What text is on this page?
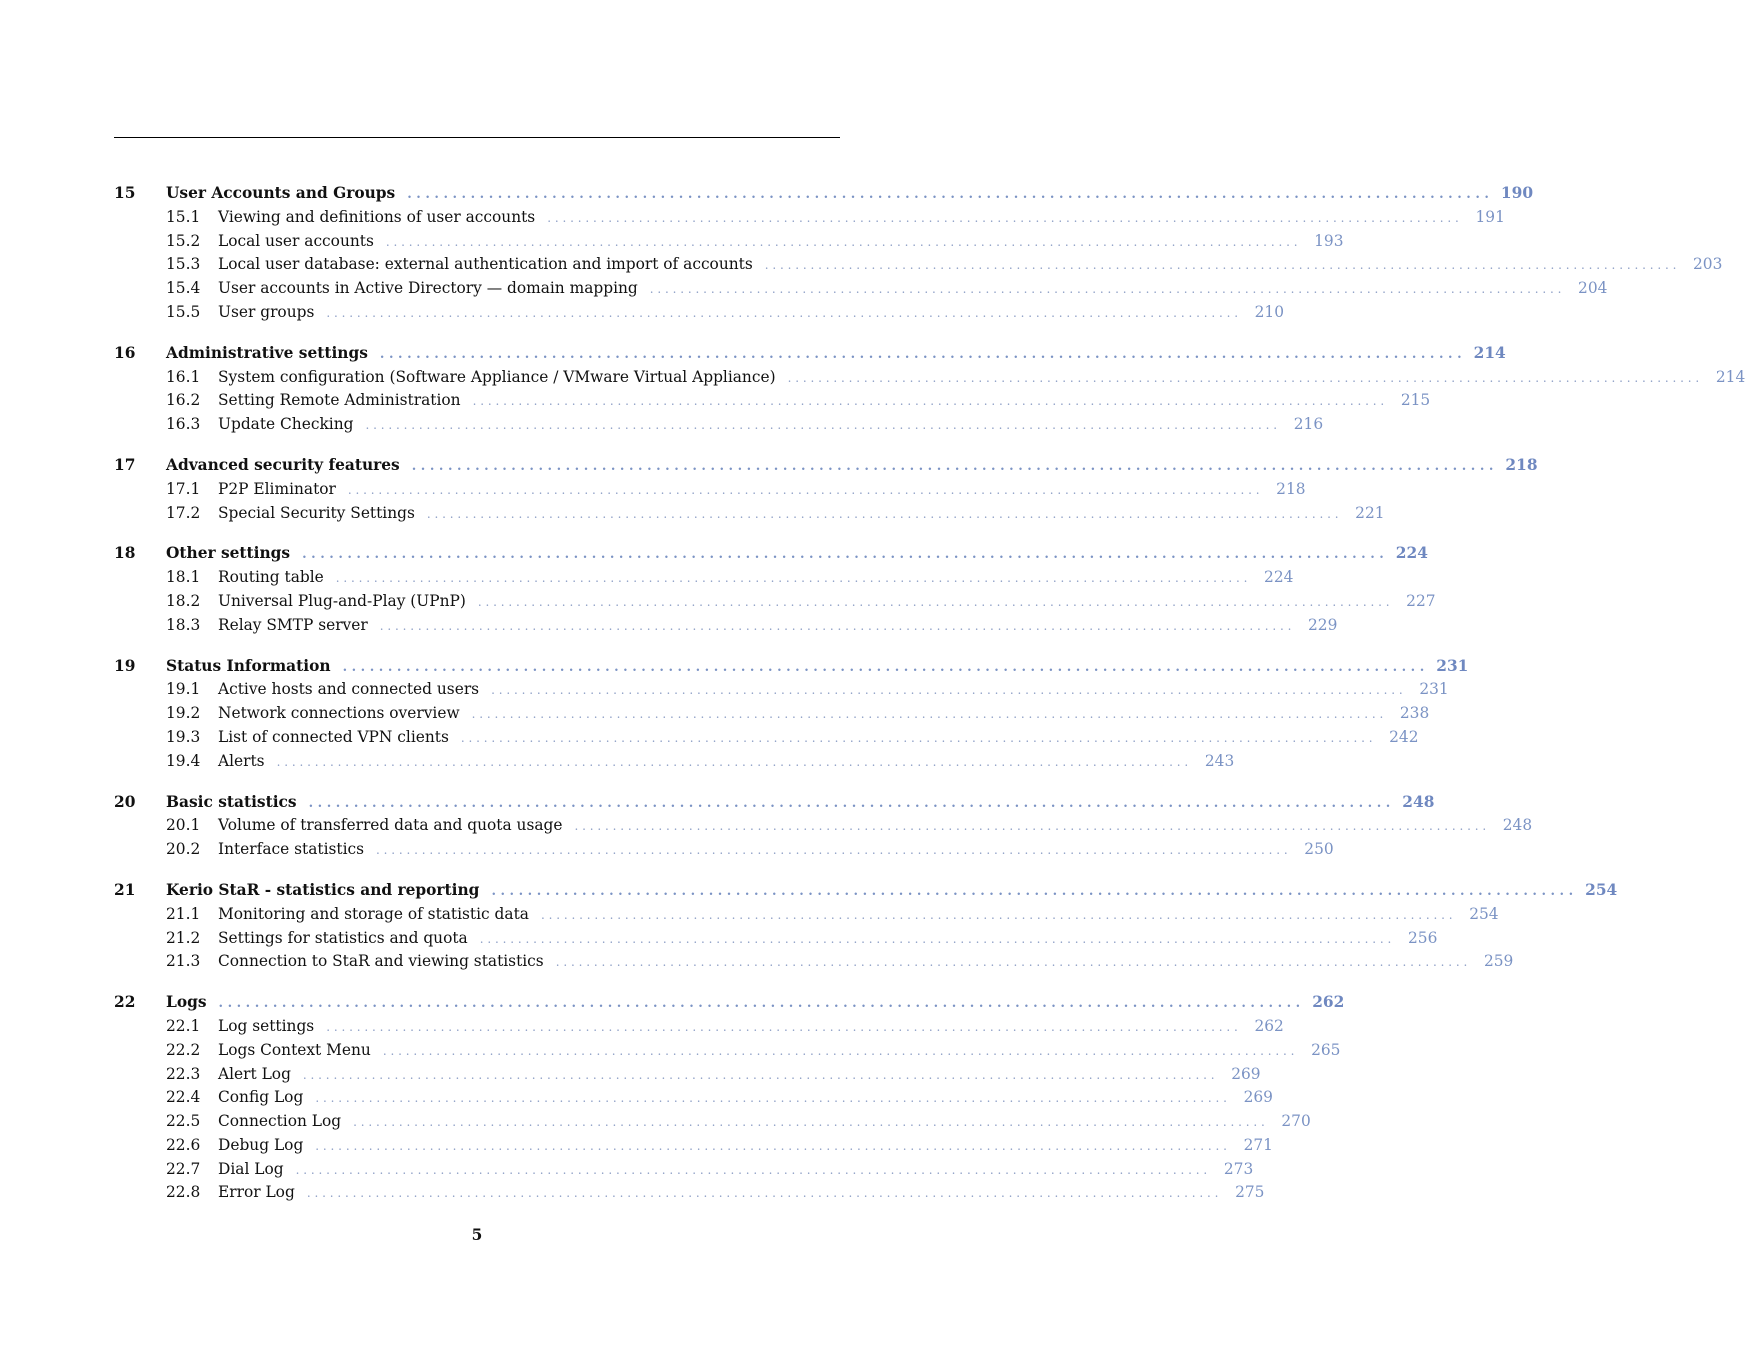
15 User Accounts and Groups . . . . . . . . . . . . . . . . . . . . . . . . . . . . . . . . . . . . . . . . . . . . . . . . . . . . . . . . . . . . . . . . . . . . . . . . . . . . . . . . . . . . . . . . . . . . . . . . . . . . . . . . . . . . . . . . . . . . . . . . 190
15.1 Viewing and definitions of user accounts . . . . . . . . . . . . . . . . . . . . . . . . . . . . . . . . . . . . . . . . . . . . . . . . . . . . . . . . . . . . . . . . . . . . . . . . . . . . . . . . . . . . . . . . . . . . . . . . . . . . . . . . . . . . . . . . . . . . . . . . 191
15.2 Local user accounts . . . . . . . . . . . . . . . . . . . . . . . . . . . . . . . . . . . . . . . . . . . . . . . . . . . . . . . . . . . . . . . . . . . . . . . . . . . . . . . . . . . . . . . . . . . . . . . . . . . . . . . . . . . . . . . . . . . . . . . . 193
15.3 Local user database: external authentication and import of accounts . . . . . . . . . . . . . . . . . . . . . . . . . . . . . . . . . . . . . . . . . . . . . . . . . . . . . . . . . . . . . . . . . . . . . . . . . . . . . . . . . . . . . . . . . . . . . . . . . . . . . . . . . . . . . . . . . . . . . . . . 203
15.4 User accounts in Active Directory — domain mapping . . . . . . . . . . . . . . . . . . . . . . . . . . . . . . . . . . . . . . . . . . . . . . . . . . . . . . . . . . . . . . . . . . . . . . . . . . . . . . . . . . . . . . . . . . . . . . . . . . . . . . . . . . . . . . . . . . . . . . . . 204
15.5 User groups . . . . . . . . . . . . . . . . . . . . . . . . . . . . . . . . . . . . . . . . . . . . . . . . . . . . . . . . . . . . . . . . . . . . . . . . . . . . . . . . . . . . . . . . . . . . . . . . . . . . . . . . . . . . . . . . . . . . . . . . 210
16 Administrative settings . . . . . . . . . . . . . . . . . . . . . . . . . . . . . . . . . . . . . . . . . . . . . . . . . . . . . . . . . . . . . . . . . . . . . . . . . . . . . . . . . . . . . . . . . . . . . . . . . . . . . . . . . . . . . . . . . . . . . . . . 214
16.1 System configuration (Software Appliance / VMware Virtual Appliance) . . . . . . . . . . . . . . . . . . . . . . . . . . . . . . . . . . . . . . . . . . . . . . . . . . . . . . . . . . . . . . . . . . . . . . . . . . . . . . . . . . . . . . . . . . . . . . . . . . . . . . . . . . . . . . . . . . . . . . . . 214
16.2 Setting Remote Administration . . . . . . . . . . . . . . . . . . . . . . . . . . . . . . . . . . . . . . . . . . . . . . . . . . . . . . . . . . . . . . . . . . . . . . . . . . . . . . . . . . . . . . . . . . . . . . . . . . . . . . . . . . . . . . . . . . . . . . . . 215
16.3 Update Checking . . . . . . . . . . . . . . . . . . . . . . . . . . . . . . . . . . . . . . . . . . . . . . . . . . . . . . . . . . . . . . . . . . . . . . . . . . . . . . . . . . . . . . . . . . . . . . . . . . . . . . . . . . . . . . . . . . . . . . . . 216
17 Advanced security features . . . . . . . . . . . . . . . . . . . . . . . . . . . . . . . . . . . . . . . . . . . . . . . . . . . . . . . . . . . . . . . . . . . . . . . . . . . . . . . . . . . . . . . . . . . . . . . . . . . . . . . . . . . . . . . . . . . . . . . . 218
17.1 P2P Eliminator . . . . . . . . . . . . . . . . . . . . . . . . . . . . . . . . . . . . . . . . . . . . . . . . . . . . . . . . . . . . . . . . . . . . . . . . . . . . . . . . . . . . . . . . . . . . . . . . . . . . . . . . . . . . . . . . . . . . . . . . 218
17.2 Special Security Settings . . . . . . . . . . . . . . . . . . . . . . . . . . . . . . . . . . . . . . . . . . . . . . . . . . . . . . . . . . . . . . . . . . . . . . . . . . . . . . . . . . . . . . . . . . . . . . . . . . . . . . . . . . . . . . . . . . . . . . . . 221
18 Other settings . . . . . . . . . . . . . . . . . . . . . . . . . . . . . . . . . . . . . . . . . . . . . . . . . . . . . . . . . . . . . . . . . . . . . . . . . . . . . . . . . . . . . . . . . . . . . . . . . . . . . . . . . . . . . . . . . . . . . . . . 224
18.1 Routing table . . . . . . . . . . . . . . . . . . . . . . . . . . . . . . . . . . . . . . . . . . . . . . . . . . . . . . . . . . . . . . . . . . . . . . . . . . . . . . . . . . . . . . . . . . . . . . . . . . . . . . . . . . . . . . . . . . . . . . . . 224
18.2 Universal Plug-and-Play (UPnP) . . . . . . . . . . . . . . . . . . . . . . . . . . . . . . . . . . . . . . . . . . . . . . . . . . . . . . . . . . . . . . . . . . . . . . . . . . . . . . . . . . . . . . . . . . . . . . . . . . . . . . . . . . . . . . . . . . . . . . . . 227
18.3 Relay SMTP server . . . . . . . . . . . . . . . . . . . . . . . . . . . . . . . . . . . . . . . . . . . . . . . . . . . . . . . . . . . . . . . . . . . . . . . . . . . . . . . . . . . . . . . . . . . . . . . . . . . . . . . . . . . . . . . . . . . . . . . . 229
19 Status Information . . . . . . . . . . . . . . . . . . . . . . . . . . . . . . . . . . . . . . . . . . . . . . . . . . . . . . . . . . . . . . . . . . . . . . . . . . . . . . . . . . . . . . . . . . . . . . . . . . . . . . . . . . . . . . . . . . . . . . . . 231
19.1 Active hosts and connected users . . . . . . . . . . . . . . . . . . . . . . . . . . . . . . . . . . . . . . . . . . . . . . . . . . . . . . . . . . . . . . . . . . . . . . . . . . . . . . . . . . . . . . . . . . . . . . . . . . . . . . . . . . . . . . . . . . . . . . . . 231
19.2 Network connections overview . . . . . . . . . . . . . . . . . . . . . . . . . . . . . . . . . . . . . . . . . . . . . . . . . . . . . . . . . . . . . . . . . . . . . . . . . . . . . . . . . . . . . . . . . . . . . . . . . . . . . . . . . . . . . . . . . . . . . . . . 238
19.3 List of connected VPN clients . . . . . . . . . . . . . . . . . . . . . . . . . . . . . . . . . . . . . . . . . . . . . . . . . . . . . . . . . . . . . . . . . . . . . . . . . . . . . . . . . . . . . . . . . . . . . . . . . . . . . . . . . . . . . . . . . . . . . . . . 242
19.4 Alerts . . . . . . . . . . . . . . . . . . . . . . . . . . . . . . . . . . . . . . . . . . . . . . . . . . . . . . . . . . . . . . . . . . . . . . . . . . . . . . . . . . . . . . . . . . . . . . . . . . . . . . . . . . . . . . . . . . . . . . . . 243
20 Basic statistics . . . . . . . . . . . . . . . . . . . . . . . . . . . . . . . . . . . . . . . . . . . . . . . . . . . . . . . . . . . . . . . . . . . . . . . . . . . . . . . . . . . . . . . . . . . . . . . . . . . . . . . . . . . . . . . . . . . . . . . . 248
20.1 Volume of transferred data and quota usage . . . . . . . . . . . . . . . . . . . . . . . . . . . . . . . . . . . . . . . . . . . . . . . . . . . . . . . . . . . . . . . . . . . . . . . . . . . . . . . . . . . . . . . . . . . . . . . . . . . . . . . . . . . . . . . . . . . . . . . . 248
20.2 Interface statistics . . . . . . . . . . . . . . . . . . . . . . . . . . . . . . . . . . . . . . . . . . . . . . . . . . . . . . . . . . . . . . . . . . . . . . . . . . . . . . . . . . . . . . . . . . . . . . . . . . . . . . . . . . . . . . . . . . . . . . . . 250
21 Kerio StaR - statistics and reporting . . . . . . . . . . . . . . . . . . . . . . . . . . . . . . . . . . . . . . . . . . . . . . . . . . . . . . . . . . . . . . . . . . . . . . . . . . . . . . . . . . . . . . . . . . . . . . . . . . . . . . . . . . . . . . . . . . . . . . . . 254
21.1 Monitoring and storage of statistic data . . . . . . . . . . . . . . . . . . . . . . . . . . . . . . . . . . . . . . . . . . . . . . . . . . . . . . . . . . . . . . . . . . . . . . . . . . . . . . . . . . . . . . . . . . . . . . . . . . . . . . . . . . . . . . . . . . . . . . . . 254
21.2 Settings for statistics and quota . . . . . . . . . . . . . . . . . . . . . . . . . . . . . . . . . . . . . . . . . . . . . . . . . . . . . . . . . . . . . . . . . . . . . . . . . . . . . . . . . . . . . . . . . . . . . . . . . . . . . . . . . . . . . . . . . . . . . . . . 256
21.3 Connection to StaR and viewing statistics . . . . . . . . . . . . . . . . . . . . . . . . . . . . . . . . . . . . . . . . . . . . . . . . . . . . . . . . . . . . . . . . . . . . . . . . . . . . . . . . . . . . . . . . . . . . . . . . . . . . . . . . . . . . . . . . . . . . . . . . 259
22 Logs . . . . . . . . . . . . . . . . . . . . . . . . . . . . . . . . . . . . . . . . . . . . . . . . . . . . . . . . . . . . . . . . . . . . . . . . . . . . . . . . . . . . . . . . . . . . . . . . . . . . . . . . . . . . . . . . . . . . . . . . 262
22.1 Log settings . . . . . . . . . . . . . . . . . . . . . . . . . . . . . . . . . . . . . . . . . . . . . . . . . . . . . . . . . . . . . . . . . . . . . . . . . . . . . . . . . . . . . . . . . . . . . . . . . . . . . . . . . . . . . . . . . . . . . . . . 262
22.2 Logs Context Menu . . . . . . . . . . . . . . . . . . . . . . . . . . . . . . . . . . . . . . . . . . . . . . . . . . . . . . . . . . . . . . . . . . . . . . . . . . . . . . . . . . . . . . . . . . . . . . . . . . . . . . . . . . . . . . . . . . . . . . . . 265
22.3 Alert Log . . . . . . . . . . . . . . . . . . . . . . . . . . . . . . . . . . . . . . . . . . . . . . . . . . . . . . . . . . . . . . . . . . . . . . . . . . . . . . . . . . . . . . . . . . . . . . . . . . . . . . . . . . . . . . . . . . . . . . . . 269
22.4 Config Log . . . . . . . . . . . . . . . . . . . . . . . . . . . . . . . . . . . . . . . . . . . . . . . . . . . . . . . . . . . . . . . . . . . . . . . . . . . . . . . . . . . . . . . . . . . . . . . . . . . . . . . . . . . . . . . . . . . . . . . . 269
22.5 Connection Log . . . . . . . . . . . . . . . . . . . . . . . . . . . . . . . . . . . . . . . . . . . . . . . . . . . . . . . . . . . . . . . . . . . . . . . . . . . . . . . . . . . . . . . . . . . . . . . . . . . . . . . . . . . . . . . . . . . . . . . . 270
22.6 Debug Log . . . . . . . . . . . . . . . . . . . . . . . . . . . . . . . . . . . . . . . . . . . . . . . . . . . . . . . . . . . . . . . . . . . . . . . . . . . . . . . . . . . . . . . . . . . . . . . . . . . . . . . . . . . . . . . . . . . . . . . . 271
22.7 Dial Log . . . . . . . . . . . . . . . . . . . . . . . . . . . . . . . . . . . . . . . . . . . . . . . . . . . . . . . . . . . . . . . . . . . . . . . . . . . . . . . . . . . . . . . . . . . . . . . . . . . . . . . . . . . . . . . . . . . . . . . . 273
22.8 Error Log . . . . . . . . . . . . . . . . . . . . . . . . . . . . . . . . . . . . . . . . . . . . . . . . . . . . . . . . . . . . . . . . . . . . . . . . . . . . . . . . . . . . . . . . . . . . . . . . . . . . . . . . . . . . . . . . . . . . . . . . 275
5
